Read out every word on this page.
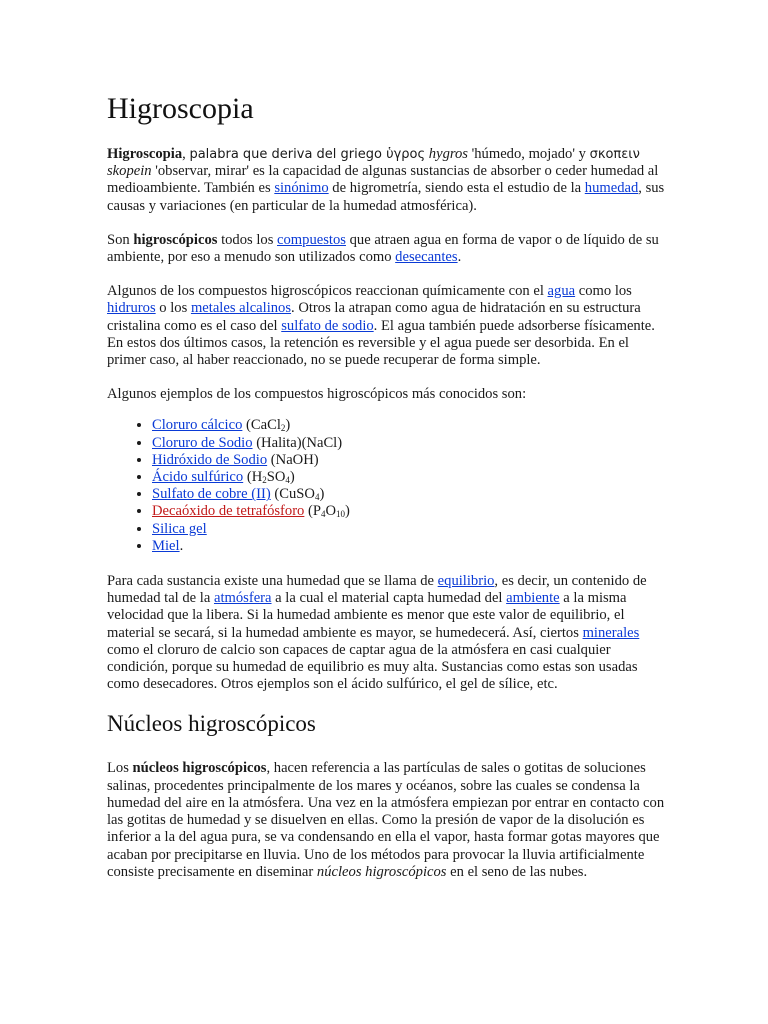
Higroscopia

Higroscopia, palabra que deriva del griego ὑγρος hygros 'húmedo, mojado' y σκοπειν skopein 'observar, mirar' es la capacidad de algunas sustancias de absorber o ceder humedad al medioambiente. También es sinónimo de higrometría, siendo esta el estudio de la humedad, sus causas y variaciones (en particular de la humedad atmosférica).

Son higroscópicos todos los compuestos que atraen agua en forma de vapor o de líquido de su ambiente, por eso a menudo son utilizados como desecantes.

Algunos de los compuestos higroscópicos reaccionan químicamente con el agua como los hidruros o los metales alcalinos. Otros la atrapan como agua de hidratación en su estructura cristalina como es el caso del sulfato de sodio. El agua también puede adsorberse físicamente. En estos dos últimos casos, la retención es reversible y el agua puede ser desorbida. En el primer caso, al haber reaccionado, no se puede recuperar de forma simple.

Algunos ejemplos de los compuestos higroscópicos más conocidos son:

• Cloruro cálcico (CaCl$_2$)
• Cloruro de Sodio (Halita)(NaCl)
• Hidróxido de Sodio (NaOH)
• Ácido sulfúrico $(H_2SO_4)$
• Sulfato de cobre (II) (CuSO$_4$)
• Decaóxido de tetrafósforo $(P_4O_{10})$
• Silica gel
• Miel.

Para cada sustancia existe una humedad que se llama de equilibrio, es decir, un contenido de humedad tal de la atmósfera a la cual el material capta humedad del ambiente a la misma velocidad que la libera. Si la humedad ambiente es menor que este valor de equilibrio, el material se secará, si la humedad ambiente es mayor, se humedecerá. Así, ciertos minerales como el cloruro de calcio son capaces de captar agua de la atmósfera en casi cualquier condición, porque su humedad de equilibrio es muy alta. Sustancias como estas son usadas como desecadores. Otros ejemplos son el ácido sulfúrico, el gel de sílice, etc.

Núcleos higroscópicos

Los núcleos higroscópicos, hacen referencia a las partículas de sales o gotitas de soluciones salinas, procedentes principalmente de los mares y océanos, sobre las cuales se condensa la humedad del aire en la atmósfera. Una vez en la atmósfera empiezan por entrar en contacto con las gotitas de humedad y se disuelven en ellas. Como la presión de vapor de la disolución es inferior a la del agua pura, se va condensando en ella el vapor, hasta formar gotas mayores que acaban por precipitarse en lluvia. Uno de los métodos para provocar la lluvia artificialmente consiste precisamente en diseminar núcleos higroscópicos en el seno de las nubes.
